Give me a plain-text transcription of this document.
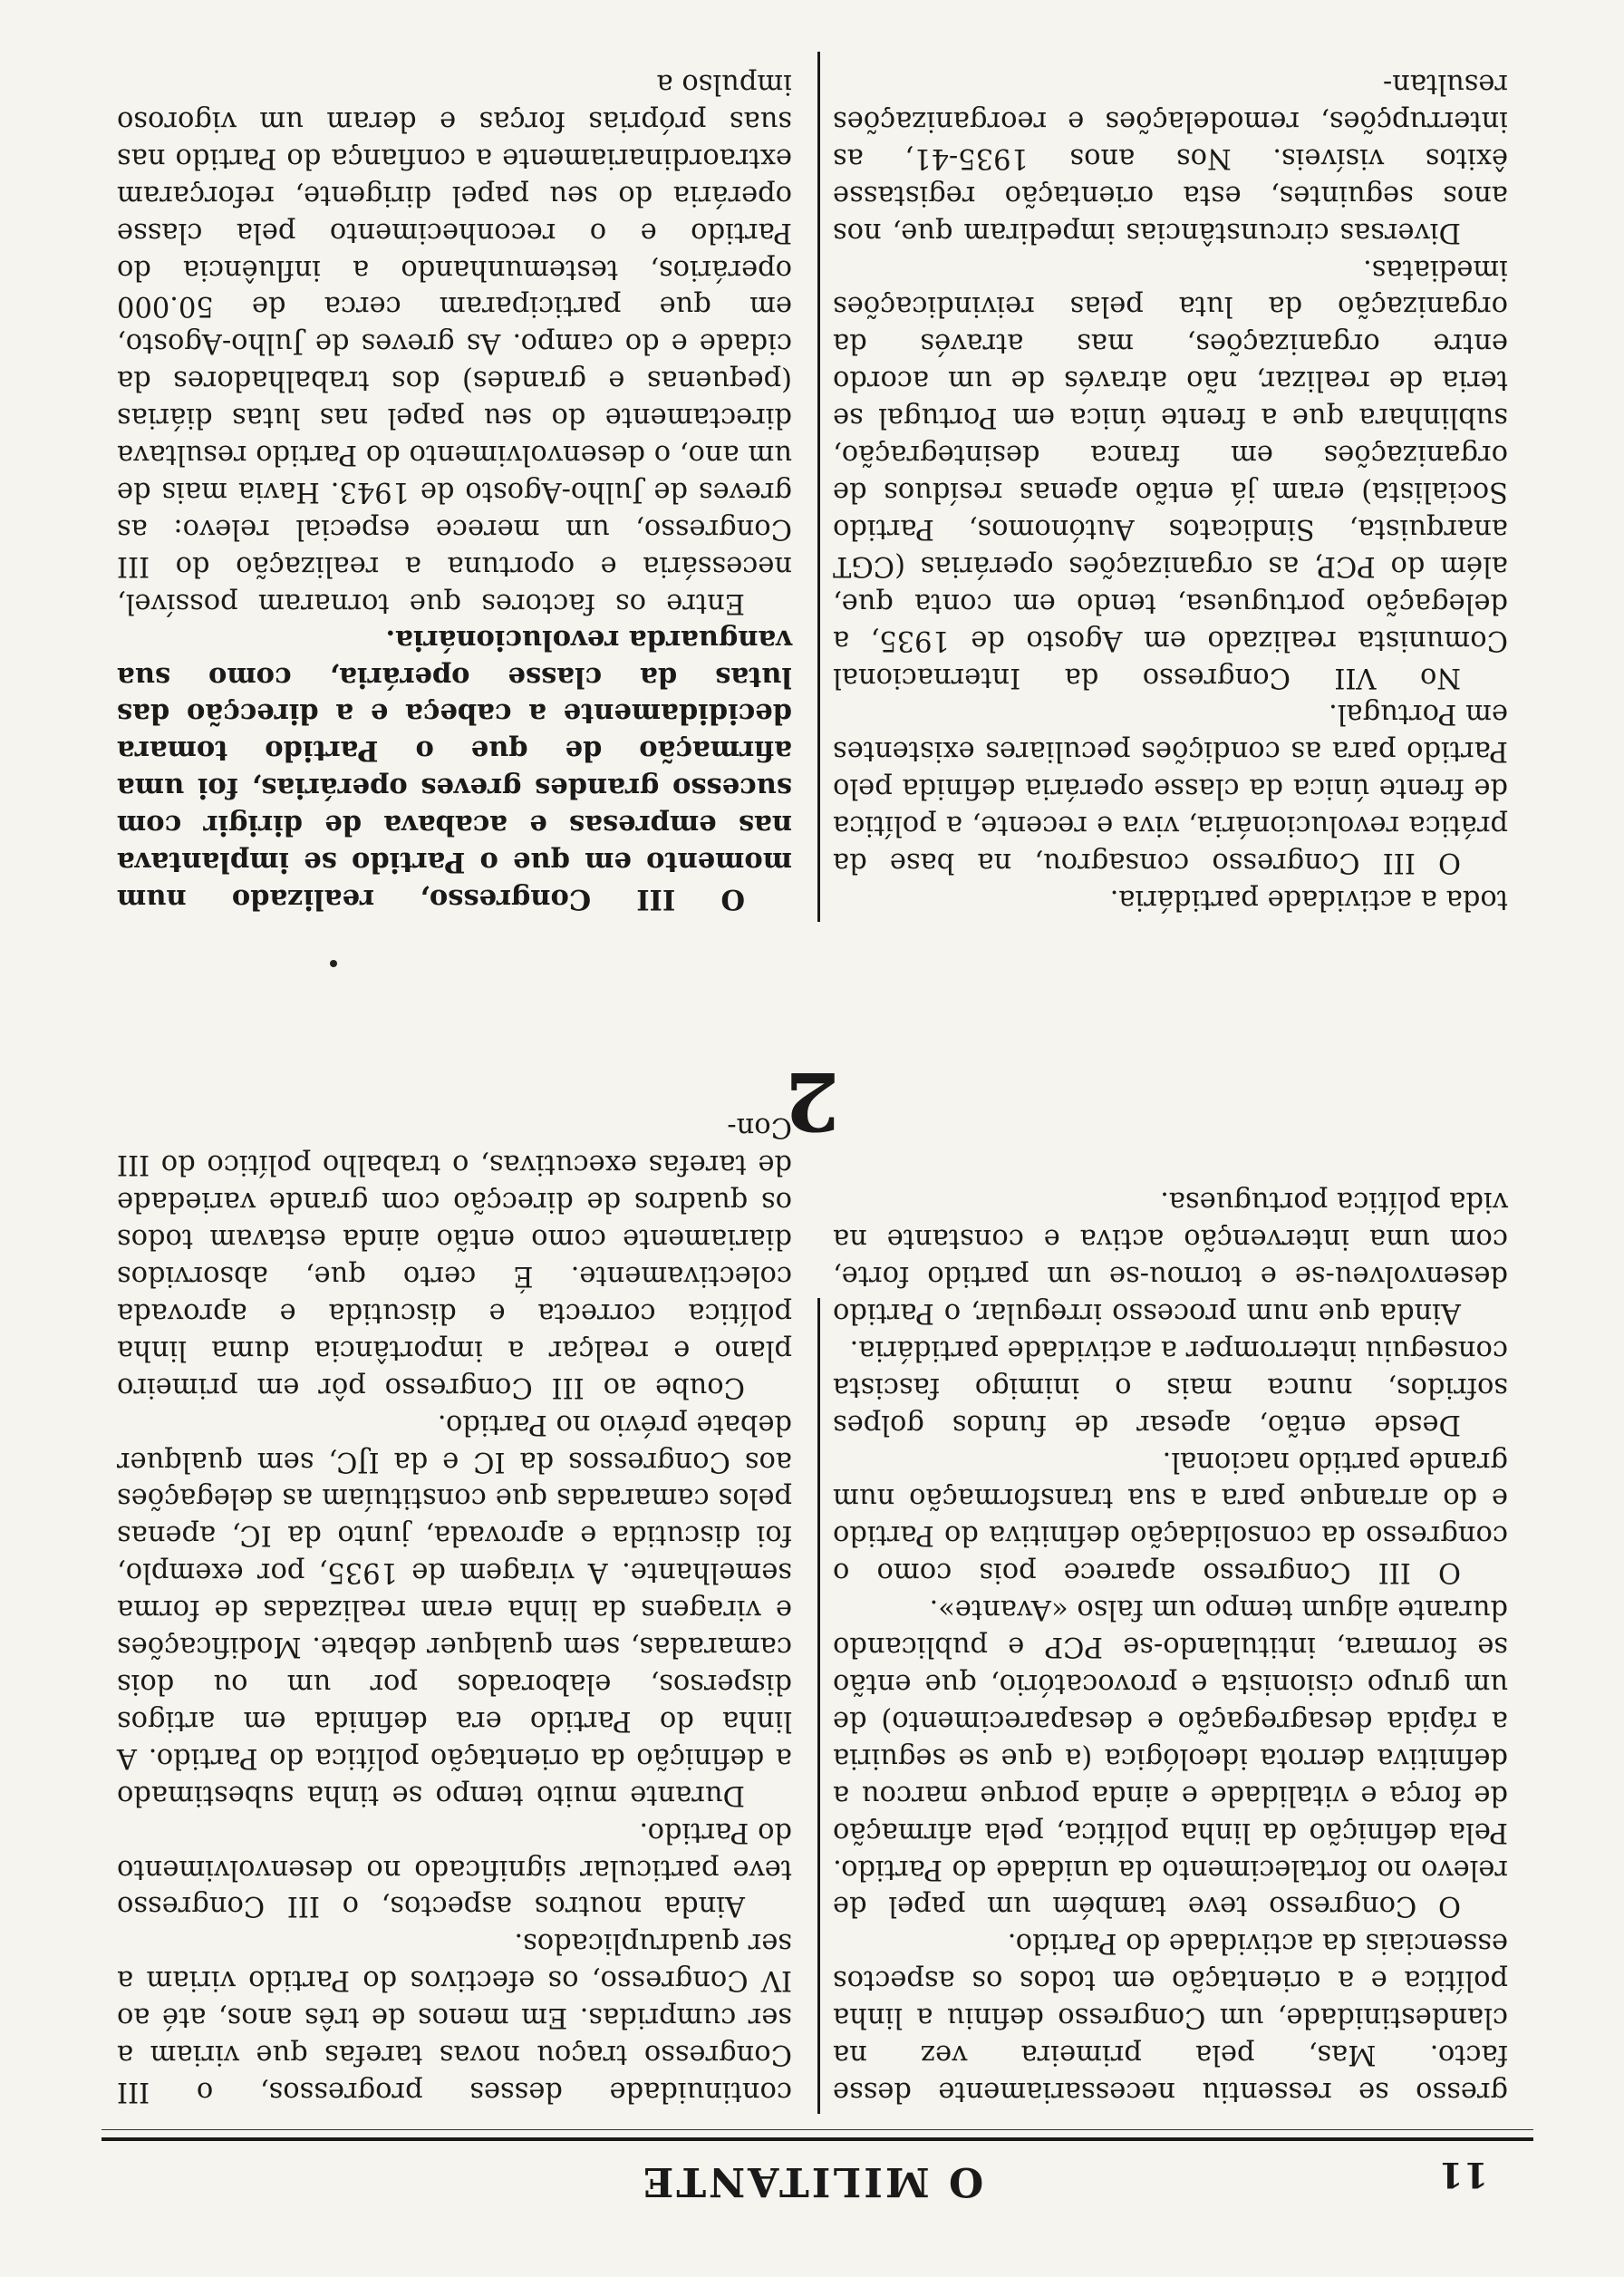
11
O MILITANTE

gresso se ressentiu necessariamente desse facto. Mas, pela primeira vez na clandestinidade, um Congresso definiu a linha política e a orientação em todos os aspectos essenciais da actividade do Partido.

O Congresso teve também um papel de relevo no fortalecimento da unidade do Partido. Pela definição da linha política, pela afirmação de força e vitalidade e ainda porque marcou a definitiva derrota ideológica (a que se seguiria a rápida desagregação e desaparecimento) de um grupo cisionista e provocatório, que então se formara, intitulando-se PCP e publicando durante algum tempo um falso «Avante».

O III Congresso aparece pois como o congresso da consolidação definitiva do Partido e do arranque para a sua transformação num grande partido nacional.

Desde então, apesar de fundos golpes sofridos, nunca mais o inimigo fascista conseguiu interromper a actividade partidária.

Ainda que num processo irregular, o Partido desenvolveu-se e tornou-se um partido forte, com uma intervenção activa e constante na vida política portuguesa.

continuidade desses progressos, o III Congresso traçou novas tarefas que viriam a ser cumpridas. Em menos de três anos, até ao IV Congresso, os efectivos do Partido viriam a ser quadruplicados.

Ainda noutros aspectos, o III Congresso teve particular significado no desenvolvimento do Partido.

Durante muito tempo se tinha subestimado a definição da orientação política do Partido. A linha do Partido era definida em artigos dispersos, elaborados por um ou dois camaradas, sem qualquer debate. Modificações e viragens da linha eram realizadas de forma semelhante. A viragem de 1935, por exemplo, foi discutida e aprovada, junto da IC, apenas pelos camaradas que constituíam as delegações aos Congressos da IC e da IJC, sem qualquer debate prévio no Partido.

Coube ao III Congresso pôr em primeiro plano e realçar a importância duma linha política correcta e discutida e aprovada colectivamente. É certo que, absorvidos diariamente como então ainda estavam todos os quadros de direcção com grande variedade de tarefas executivas, o trabalho político do III Con-

2

toda a actividade partidária.

O III Congresso consagrou, na base da prática revolucionária, viva e recente, a política de frente única da classe operária definida pelo Partido para as condições peculiares existentes em Portugal.

No VII Congresso da Internacional Comunista realizado em Agosto de 1935, a delegação portuguesa, tendo em conta que, além do PCP, as organizações operárias (CGT anarquista, Sindicatos Autónomos, Partido Socialista) eram já então apenas resíduos de organizações em franca desintegração, sublinhara que a frente única em Portugal se teria de realizar, não através de um acordo entre organizações, mas através da organização da luta pelas reivindicações imediatas.

Diversas circunstâncias impediram que, nos anos seguintes, esta orientação registasse êxitos visíveis. Nos anos 1935-41, as interrupções, remodelações e reorganizações resultan-

O III Congresso, realizado num momento em que o Partido se implantava nas empresas e acabava de dirigir com sucesso grandes greves operárias, foi uma afirmação de que o Partido tomara decididamente a cabeça e a direcção das lutas da classe operária, como sua vanguarda revolucionária.

Entre os factores que tornaram possível, necessária e oportuna a realização do III Congresso, um merece especial relevo: as greves de Julho-Agosto de 1943. Havia mais de um ano, o desenvolvimento do Partido resultava directamente do seu papel nas lutas diárias (pequenas e grandes) dos trabalhadores da cidade e do campo. As greves de Julho-Agosto, em que participaram cerca de 50.000 operários, testemunhando a influência do Partido e o reconhecimento pela classe operária do seu papel dirigente, reforçaram extraordinariamente a confiança do Partido nas suas próprias forças e deram um vigoroso impulso a
